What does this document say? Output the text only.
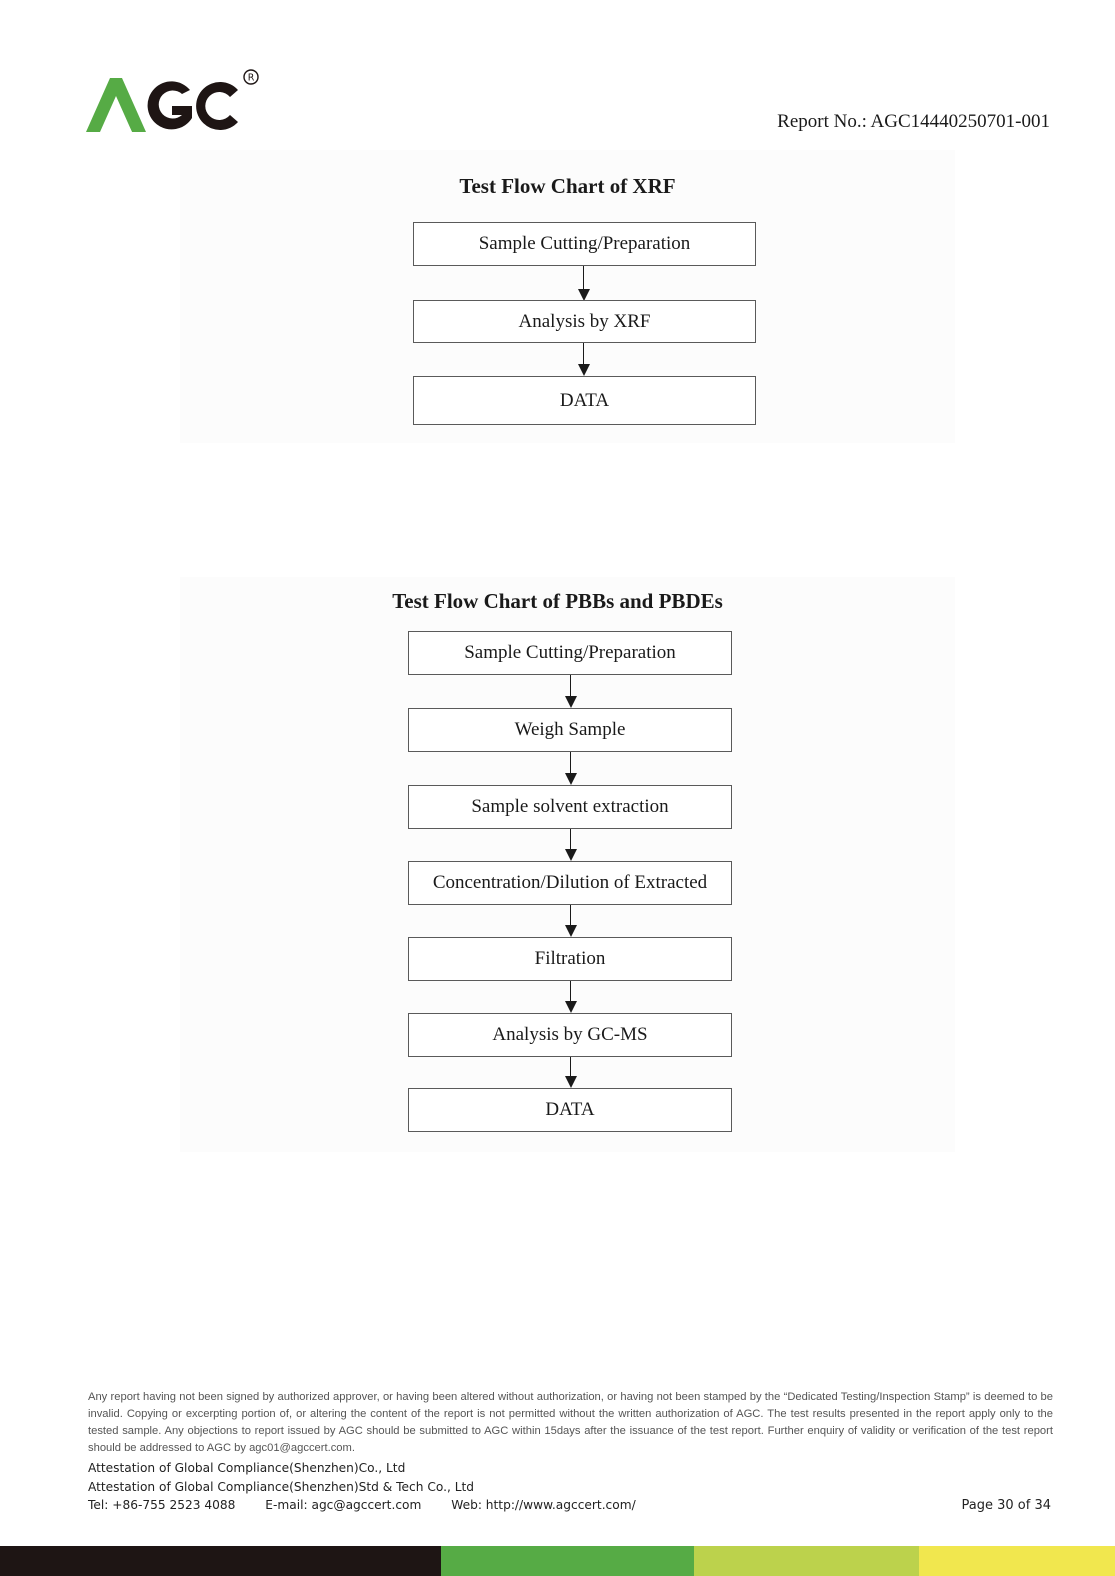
R
Report No.: AGC14440250701-001
Test Flow Chart of XRF
Sample Cutting/Preparation
Analysis by XRF
DATA
Test Flow Chart of PBBs and PBDEs
Sample Cutting/Preparation
Weigh Sample
Sample solvent extraction
Concentration/Dilution of Extracted
Filtration
Analysis by GC-MS
DATA
Any report having not been signed by authorized approver, or having been altered without authorization, or having not been stamped by the “Dedicated Testing/Inspection Stamp” is deemed to be invalid. Copying or excerpting portion of, or altering the content of the report is not permitted without the written authorization of AGC. The test results presented in the report apply only to the tested sample. Any objections to report issued by AGC should be submitted to AGC within 15days after the issuance of the test report. Further enquiry of validity or verification of the test report should be addressed to AGC by agc01@agccert.com.
Attestation of Global Compliance(Shenzhen)Co., Ltd
Attestation of Global Compliance(Shenzhen)Std & Tech Co., Ltd
Tel: +86-755 2523 4088 E-mail: agc@agccert.com Web: http://www.agccert.com/	Page 30 of 34
